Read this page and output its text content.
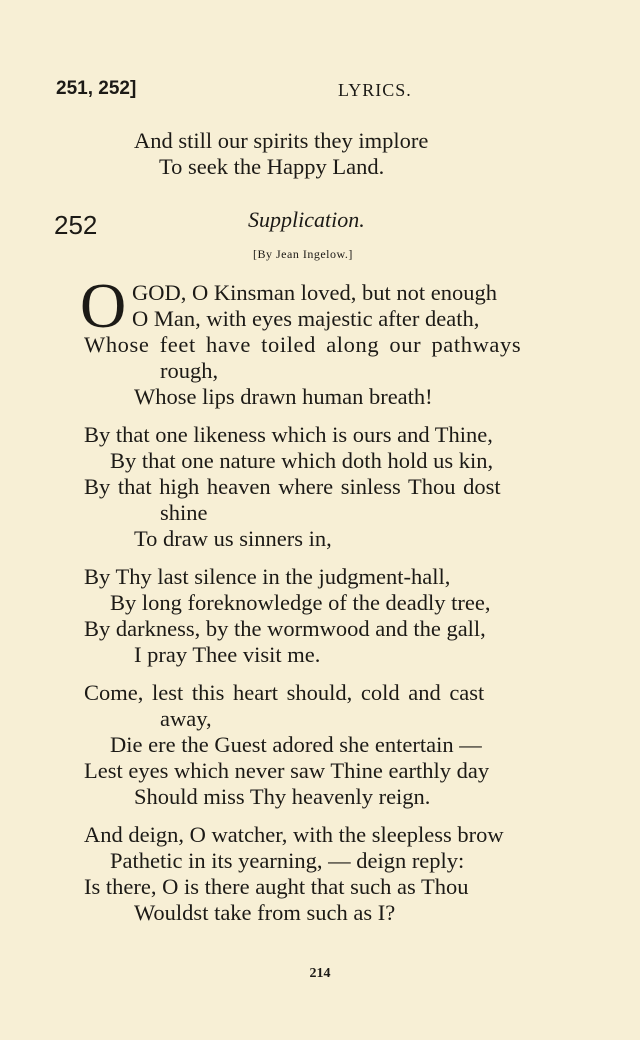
251, 252]	LYRICS.
And still our spirits they implore
To seek the Happy Land.
252	Supplication.
[By Jean Ingelow.]
O GOD, O Kinsman loved, but not enough
O Man, with eyes majestic after death,
Whose feet have toiled along our pathways
rough,
Whose lips drawn human breath!
By that one likeness which is ours and Thine,
By that one nature which doth hold us kin,
By that high heaven where sinless Thou dost
shine
To draw us sinners in,
By Thy last silence in the judgment-hall,
By long foreknowledge of the deadly tree,
By darkness, by the wormwood and the gall,
I pray Thee visit me.
Come, lest this heart should, cold and cast
away,
Die ere the Guest adored she entertain —
Lest eyes which never saw Thine earthly day
Should miss Thy heavenly reign.
And deign, O watcher, with the sleepless brow
Pathetic in its yearning, — deign reply:
Is there, O is there aught that such as Thou
Wouldst take from such as I?
214
